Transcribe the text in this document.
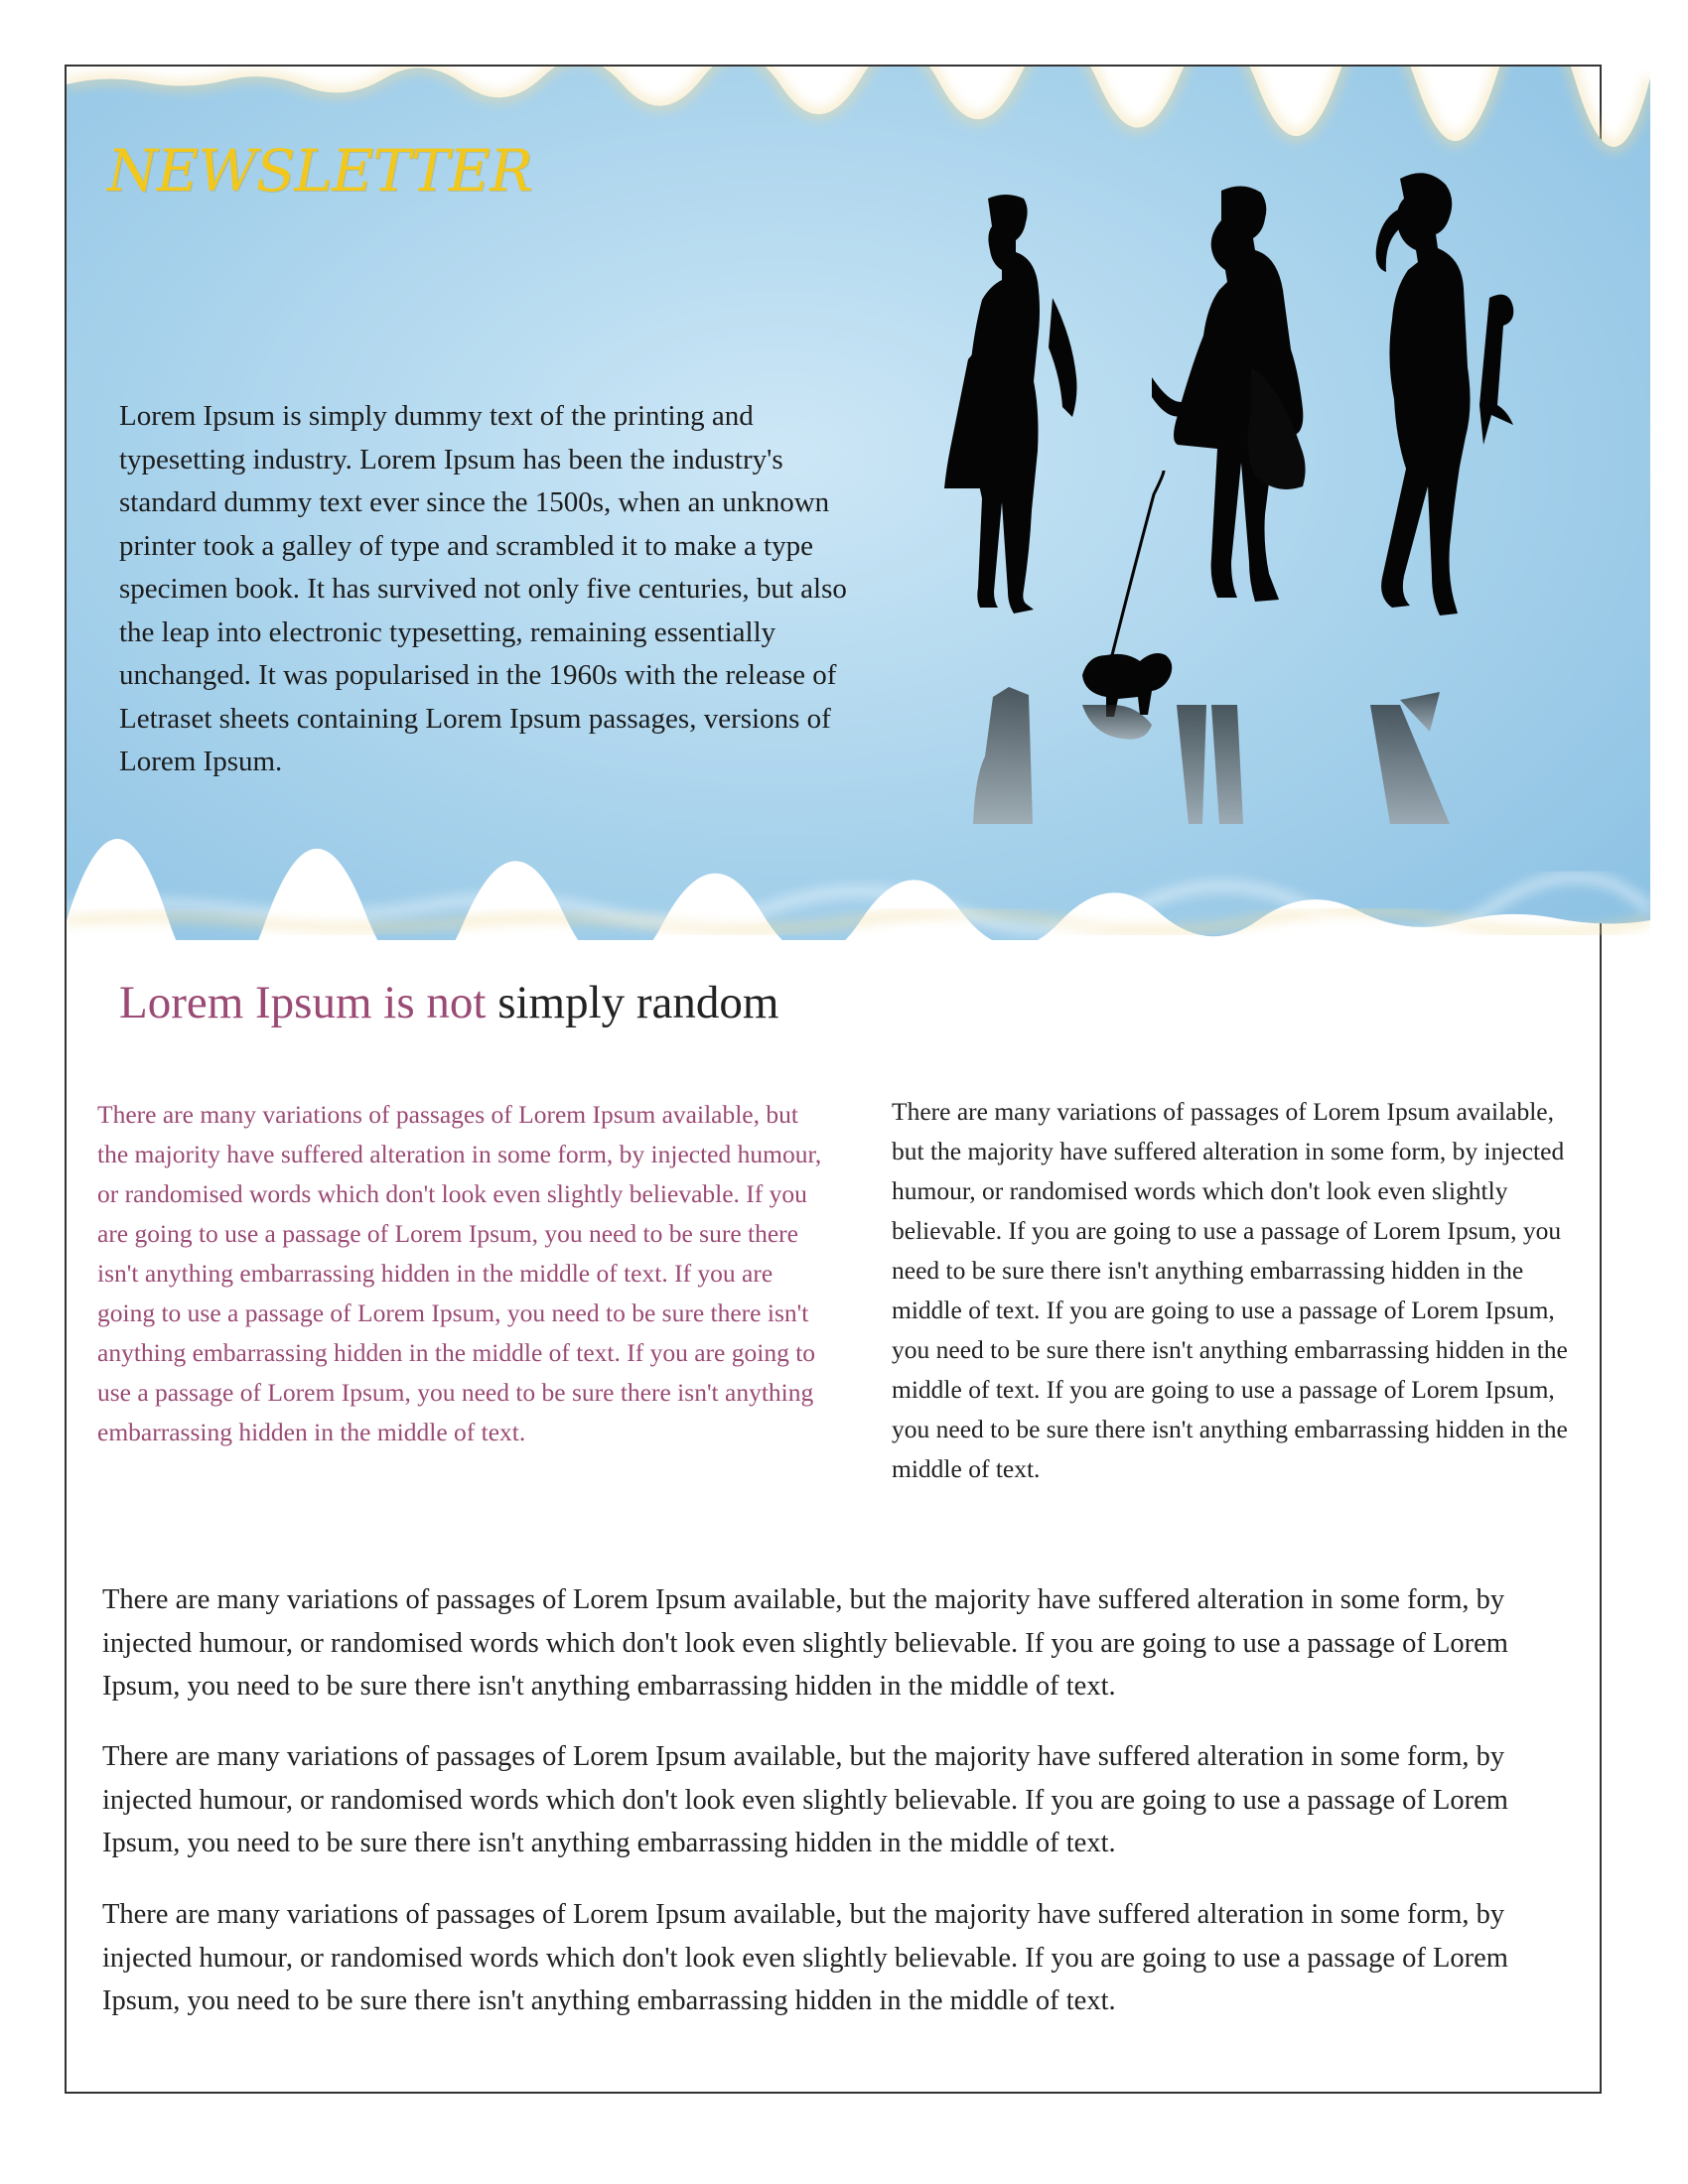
NEWSLETTER

Lorem Ipsum is simply dummy text of the printing and typesetting industry. Lorem Ipsum has been the industry's standard dummy text ever since the 1500s, when an unknown printer took a galley of type and scrambled it to make a type specimen book. It has survived not only five centuries, but also the leap into electronic typesetting, remaining essentially unchanged. It was popularised in the 1960s with the release of Letraset sheets containing Lorem Ipsum passages, versions of Lorem Ipsum.

Lorem Ipsum is not simply random

There are many variations of passages of Lorem Ipsum available, but the majority have suffered alteration in some form, by injected humour, or randomised words which don't look even slightly believable. If you are going to use a passage of Lorem Ipsum, you need to be sure there isn't anything embarrassing hidden in the middle of text. If you are going to use a passage of Lorem Ipsum, you need to be sure there isn't anything embarrassing hidden in the middle of text. If you are going to use a passage of Lorem Ipsum, you need to be sure there isn't anything embarrassing hidden in the middle of text.

There are many variations of passages of Lorem Ipsum available, but the majority have suffered alteration in some form, by injected humour, or randomised words which don't look even slightly believable. If you are going to use a passage of Lorem Ipsum, you need to be sure there isn't anything embarrassing hidden in the middle of text. If you are going to use a passage of Lorem Ipsum, you need to be sure there isn't anything embarrassing hidden in the middle of text. If you are going to use a passage of Lorem Ipsum, you need to be sure there isn't anything embarrassing hidden in the middle of text.

There are many variations of passages of Lorem Ipsum available, but the majority have suffered alteration in some form, by injected humour, or randomised words which don't look even slightly believable. If you are going to use a passage of Lorem Ipsum, you need to be sure there isn't anything embarrassing hidden in the middle of text.

There are many variations of passages of Lorem Ipsum available, but the majority have suffered alteration in some form, by injected humour, or randomised words which don't look even slightly believable. If you are going to use a passage of Lorem Ipsum, you need to be sure there isn't anything embarrassing hidden in the middle of text.

There are many variations of passages of Lorem Ipsum available, but the majority have suffered alteration in some form, by injected humour, or randomised words which don't look even slightly believable. If you are going to use a passage of Lorem Ipsum, you need to be sure there isn't anything embarrassing hidden in the middle of text.
